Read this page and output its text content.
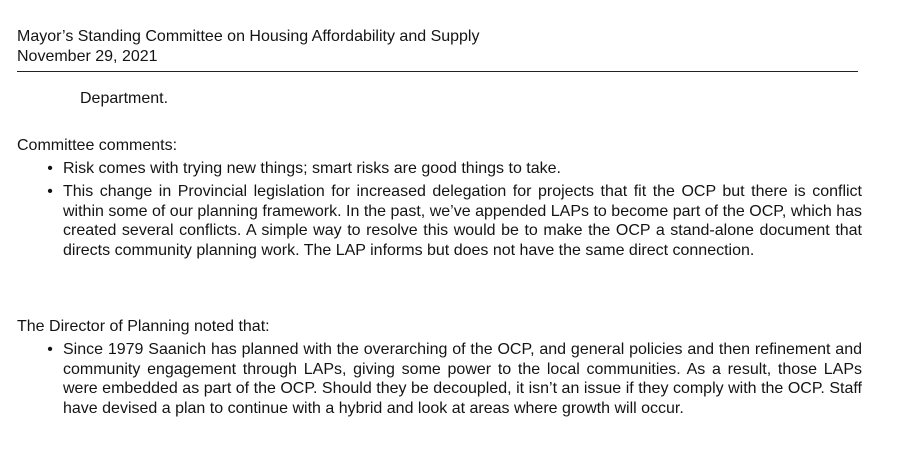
Mayor’s Standing Committee on Housing Affordability and Supply
November 29, 2021
Department.
Committee comments:
• Risk comes with trying new things; smart risks are good things to take.
• This change in Provincial legislation for increased delegation for projects that fit the OCP but there is conflict within some of our planning framework. In the past, we’ve appended LAPs to become part of the OCP, which has created several conflicts. A simple way to resolve this would be to make the OCP a stand-alone document that directs community planning work. The LAP informs but does not have the same direct connection.
The Director of Planning noted that:
• Since 1979 Saanich has planned with the overarching of the OCP, and general policies and then refinement and community engagement through LAPs, giving some power to the local communities. As a result, those LAPs were embedded as part of the OCP. Should they be decoupled, it isn’t an issue if they comply with the OCP. Staff have devised a plan to continue with a hybrid and look at areas where growth will occur.
